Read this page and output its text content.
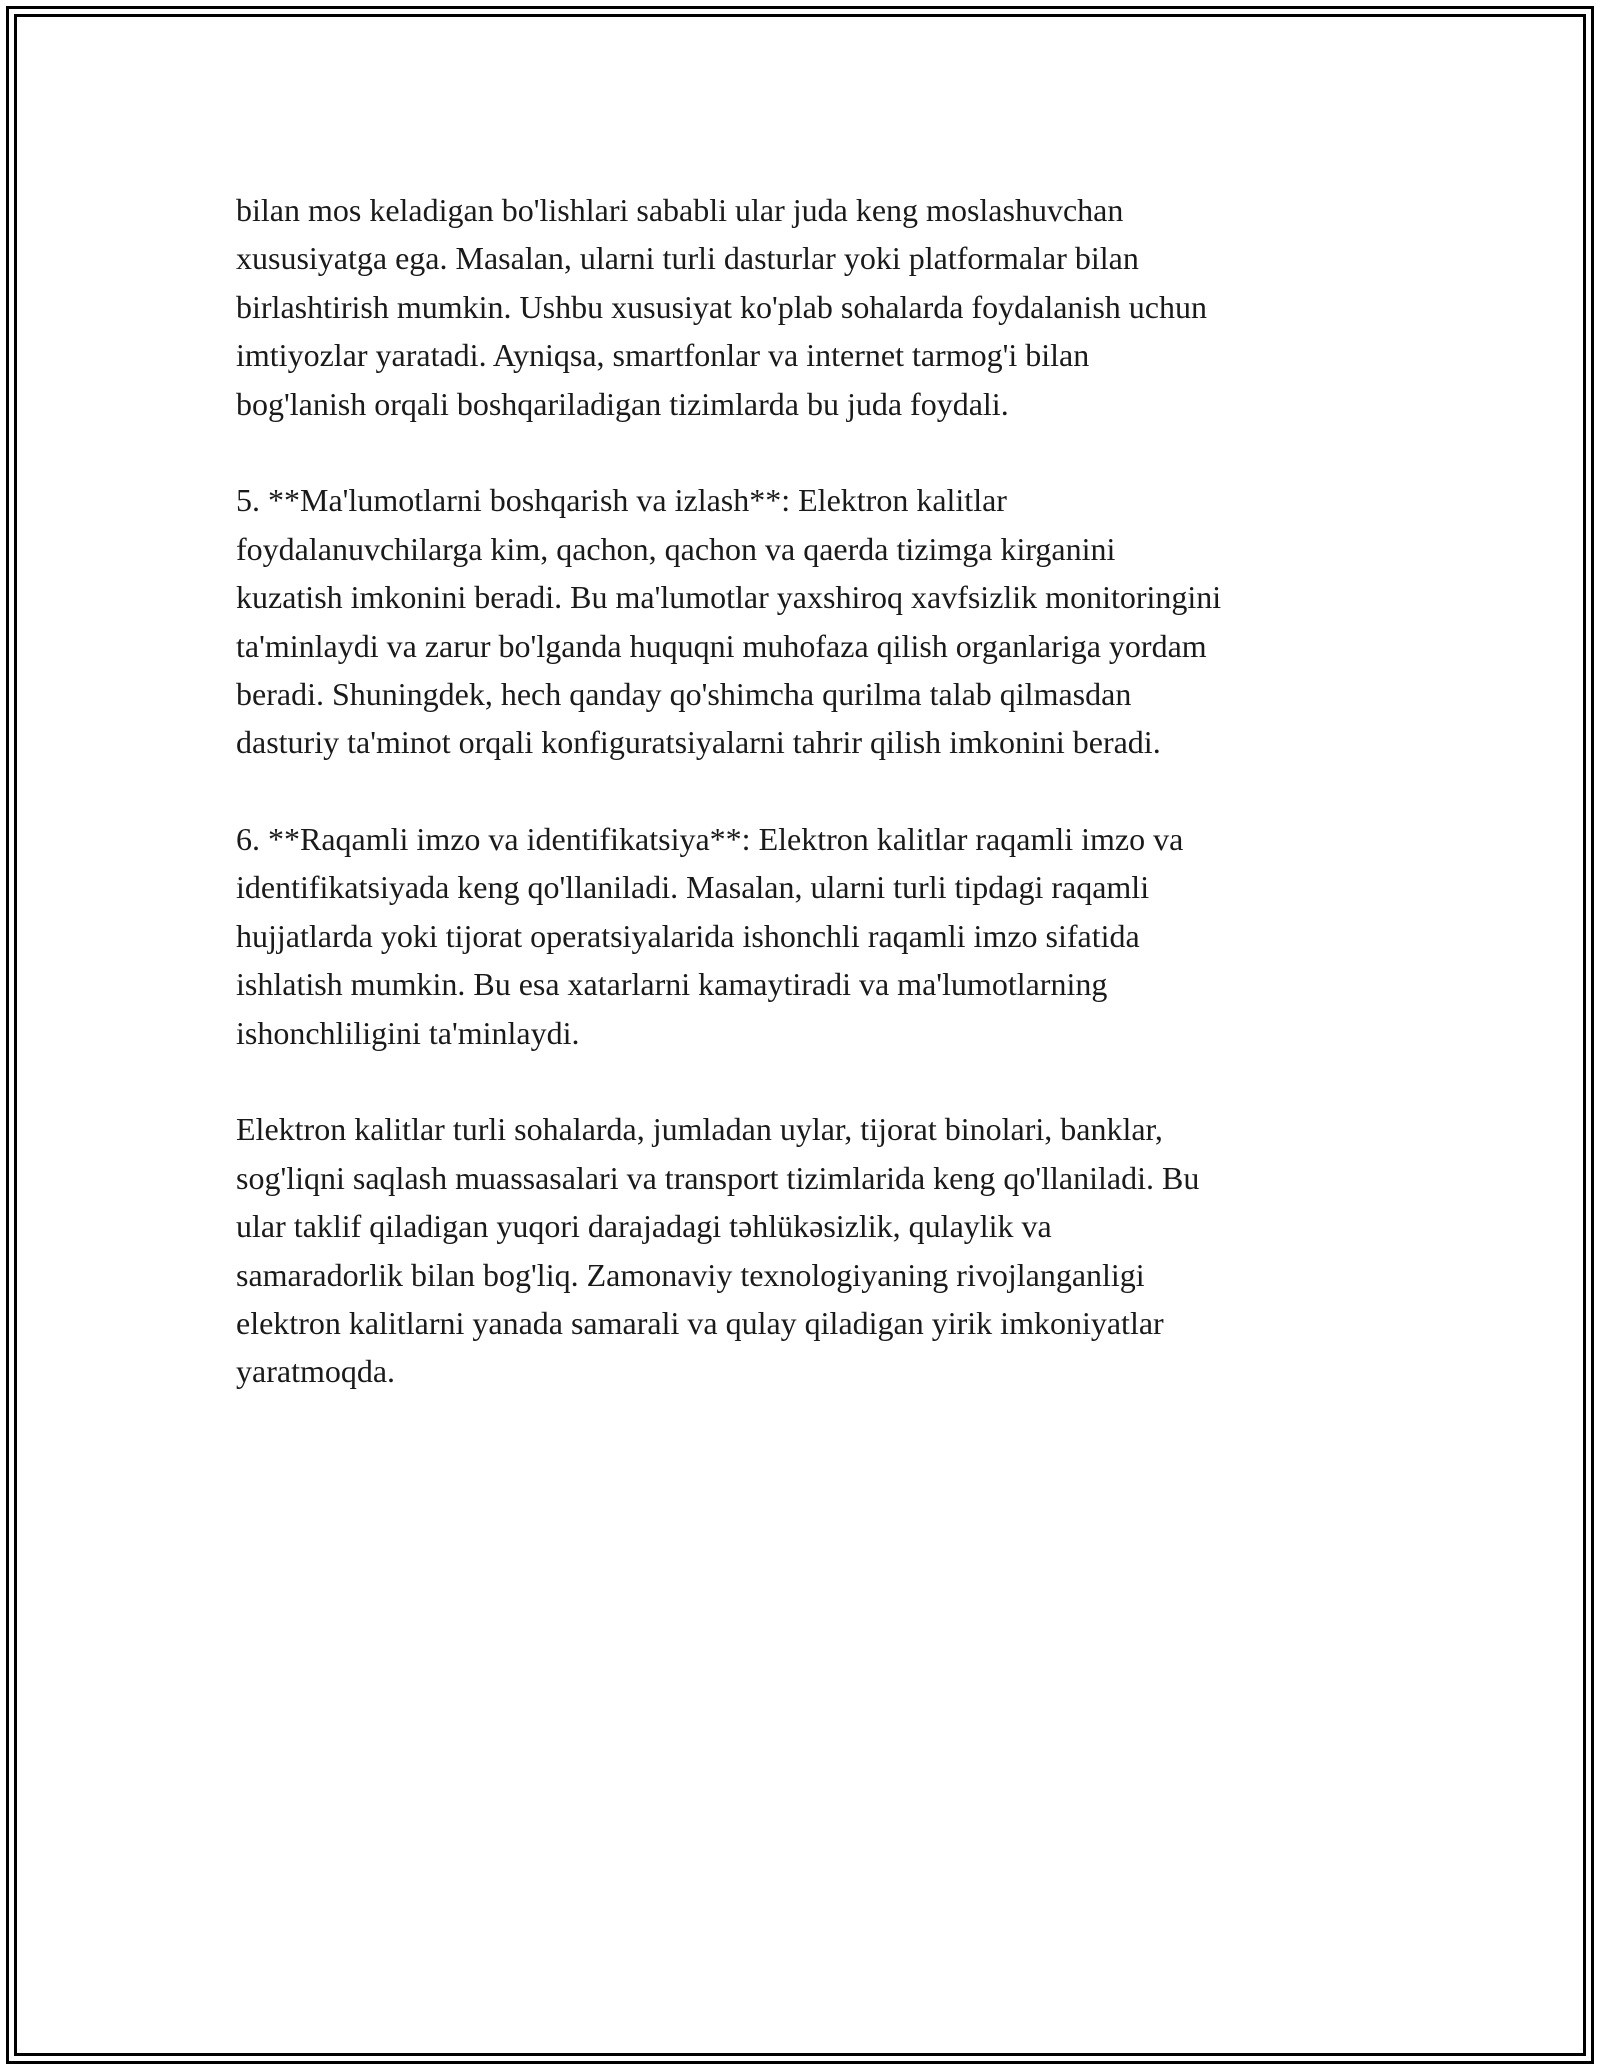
bilan mos keladigan bo'lishlari sababli ular juda keng moslashuvchan
xususiyatga ega. Masalan, ularni turli dasturlar yoki platformalar bilan
birlashtirish mumkin. Ushbu xususiyat ko'plab sohalarda foydalanish uchun
imtiyozlar yaratadi. Ayniqsa, smartfonlar va internet tarmog'i bilan
bog'lanish orqali boshqariladigan tizimlarda bu juda foydali.
5. **Ma'lumotlarni boshqarish va izlash**: Elektron kalitlar
foydalanuvchilarga kim, qachon, qachon va qaerda tizimga kirganini
kuzatish imkonini beradi. Bu ma'lumotlar yaxshiroq xavfsizlik monitoringini
ta'minlaydi va zarur bo'lganda huquqni muhofaza qilish organlariga yordam
beradi. Shuningdek, hech qanday qo'shimcha qurilma talab qilmasdan
dasturiy ta'minot orqali konfiguratsiyalarni tahrir qilish imkonini beradi.
6. **Raqamli imzo va identifikatsiya**: Elektron kalitlar raqamli imzo va
identifikatsiyada keng qo'llaniladi. Masalan, ularni turli tipdagi raqamli
hujjatlarda yoki tijorat operatsiyalarida ishonchli raqamli imzo sifatida
ishlatish mumkin. Bu esa xatarlarni kamaytiradi va ma'lumotlarning
ishonchliligini ta'minlaydi.
Elektron kalitlar turli sohalarda, jumladan uylar, tijorat binolari, banklar,
sog'liqni saqlash muassasalari va transport tizimlarida keng qo'llaniladi. Bu
ular taklif qiladigan yuqori darajadagi təhlükəsizlik, qulaylik va
samaradorlik bilan bog'liq. Zamonaviy texnologiyaning rivojlanganligi
elektron kalitlarni yanada samarali va qulay qiladigan yirik imkoniyatlar
yaratmoqda.
